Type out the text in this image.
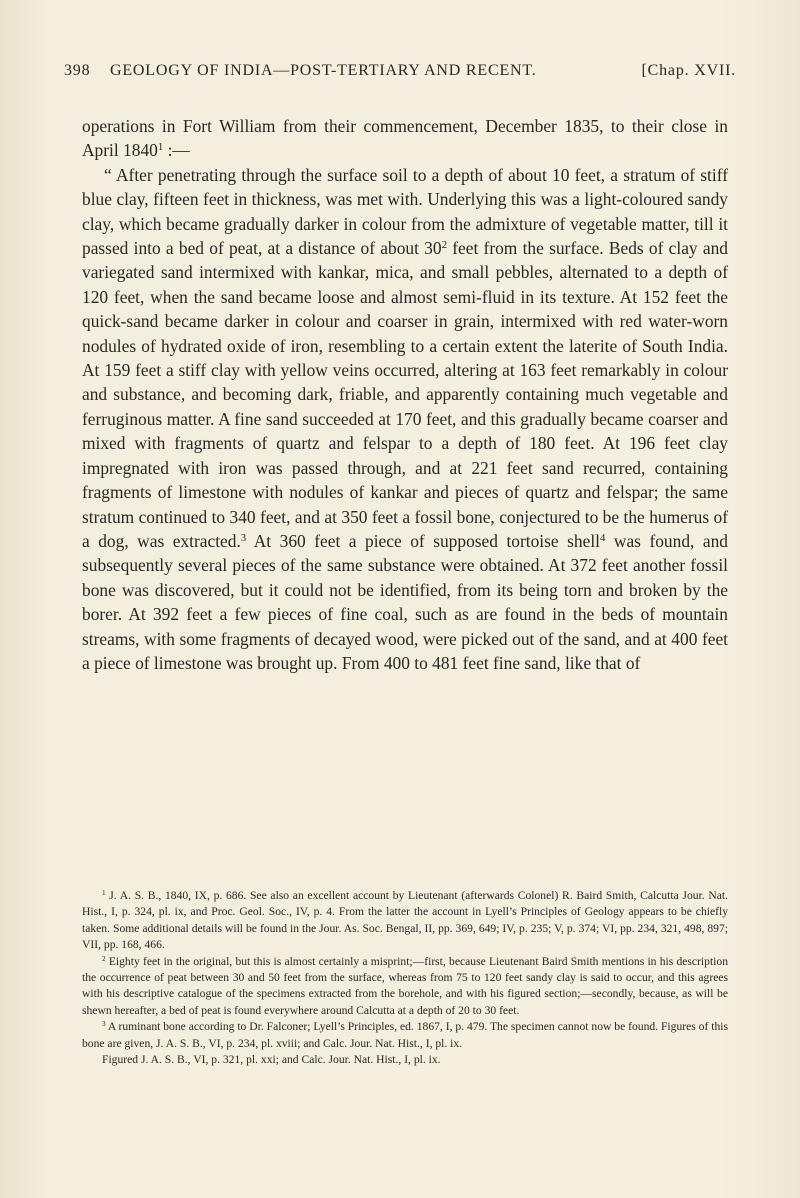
398 GEOLOGY OF INDIA—POST-TERTIARY AND RECENT.	[Chap. XVII.

operations in Fort William from their commencement, December 1835, to their close in April 1840$^1$ :—

“ After penetrating through the surface soil to a depth of about 10 feet, a stratum of stiff blue clay, fifteen feet in thickness, was met with. Underlying this was a light-coloured sandy clay, which became gradually darker in colour from the admixture of vegetable matter, till it passed into a bed of peat, at a distance of about $30^2$ feet from the surface. Beds of clay and variegated sand intermixed with kankar, mica, and small pebbles, alternated to a depth of 120 feet, when the sand became loose and almost semi-fluid in its texture. At 152 feet the quick-sand became darker in colour and coarser in grain, intermixed with red water-worn nodules of hydrated oxide of iron, resembling to a certain extent the laterite of South India. At 159 feet a stiff clay with yellow veins occurred, altering at 163 feet remarkably in colour and substance, and becoming dark, friable, and apparently containing much vegetable and ferruginous matter. A fine sand succeeded at 170 feet, and this gradually became coarser and mixed with fragments of quartz and felspar to a depth of 180 feet. At 196 feet clay impregnated with iron was passed through, and at 221 feet sand recurred, containing fragments of limestone with nodules of kankar and pieces of quartz and felspar; the same stratum continued to 340 feet, and at 350 feet a fossil bone, conjectured to be the humerus of a dog, was extracted.$^3$ At 360 feet a piece of supposed tortoise shell$^4$ was found, and subsequently several pieces of the same substance were obtained. At 372 feet another fossil bone was discovered, but it could not be identified, from its being torn and broken by the borer. At 392 feet a few pieces of fine coal, such as are found in the beds of mountain streams, with some fragments of decayed wood, were picked out of the sand, and at 400 feet a piece of limestone was brought up. From 400 to 481 feet fine sand, like that of

$^1$ J. A. S. B., 1840, IX, p. 686. See also an excellent account by Lieutenant (afterwards Colonel) R. Baird Smith, Calcutta Jour. Nat. Hist., I, p. 324, pl. ix, and Proc. Geol. Soc., IV, p. 4. From the latter the account in Lyell’s Principles of Geology appears to be chiefly taken. Some additional details will be found in the Jour. As. Soc. Bengal, II, pp. 369, 649; IV, p. 235; V, p. 374; VI, pp. 234, 321, 498, 897; VII, pp. 168, 466.

$^2$ Eighty feet in the original, but this is almost certainly a misprint;—first, because Lieutenant Baird Smith mentions in his description the occurrence of peat between 30 and 50 feet from the surface, whereas from 75 to 120 feet sandy clay is said to occur, and this agrees with his descriptive catalogue of the specimens extracted from the borehole, and with his figured section;—secondly, because, as will be shewn hereafter, a bed of peat is found everywhere around Calcutta at a depth of 20 to 30 feet.

$^3$ A ruminant bone according to Dr. Falconer; Lyell’s Principles, ed. 1867, I, p. 479. The specimen cannot now be found. Figures of this bone are given, J. A. S. B., VI, p. 234, pl. xviii; and Calc. Jour. Nat. Hist., I, pl. ix.

Figured J. A. S. B., VI, p. 321, pl. xxi; and Calc. Jour. Nat. Hist., I, pl. ix.
